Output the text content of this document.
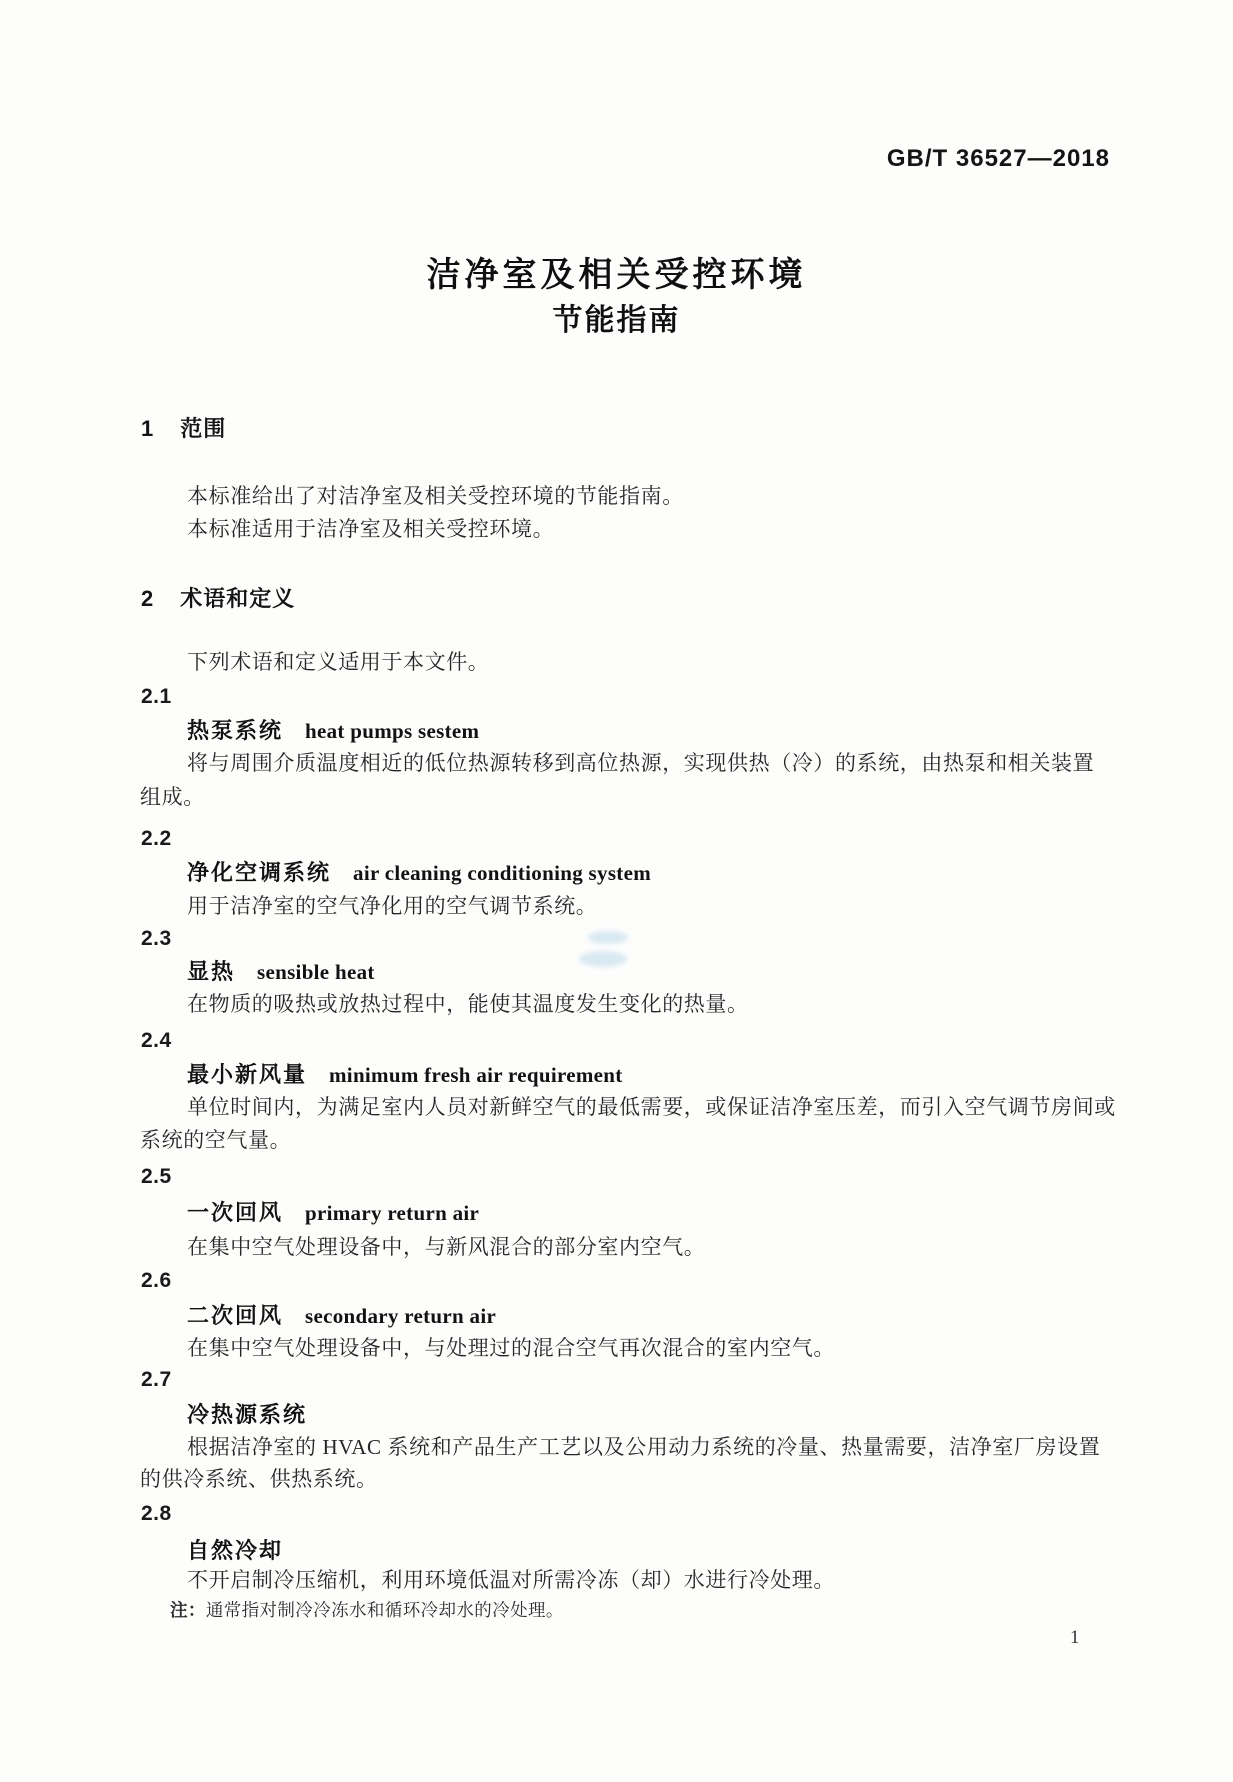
GB/T 36527—2018
洁净室及相关受控环境
节能指南
1 范围
本标准给出了对洁净室及相关受控环境的节能指南。
本标准适用于洁净室及相关受控环境。
2 术语和定义
下列术语和定义适用于本文件。
2.1
热泵系统 heat pumps sestem
将与周围介质温度相近的低位热源转移到高位热源，实现供热（冷）的系统，由热泵和相关装置
组成。
2.2
净化空调系统 air cleaning conditioning system
用于洁净室的空气净化用的空气调节系统。
2.3
显热 sensible heat
在物质的吸热或放热过程中，能使其温度发生变化的热量。
2.4
最小新风量 minimum fresh air requirement
单位时间内，为满足室内人员对新鲜空气的最低需要，或保证洁净室压差，而引入空气调节房间或
系统的空气量。
2.5
一次回风 primary return air
在集中空气处理设备中，与新风混合的部分室内空气。
2.6
二次回风 secondary return air
在集中空气处理设备中，与处理过的混合空气再次混合的室内空气。
2.7
冷热源系统
根据洁净室的 HVAC 系统和产品生产工艺以及公用动力系统的冷量、热量需要，洁净室厂房设置
的供冷系统、供热系统。
2.8
自然冷却
不开启制冷压缩机，利用环境低温对所需冷冻（却）水进行冷处理。
注：通常指对制冷冷冻水和循环冷却水的冷处理。
1
